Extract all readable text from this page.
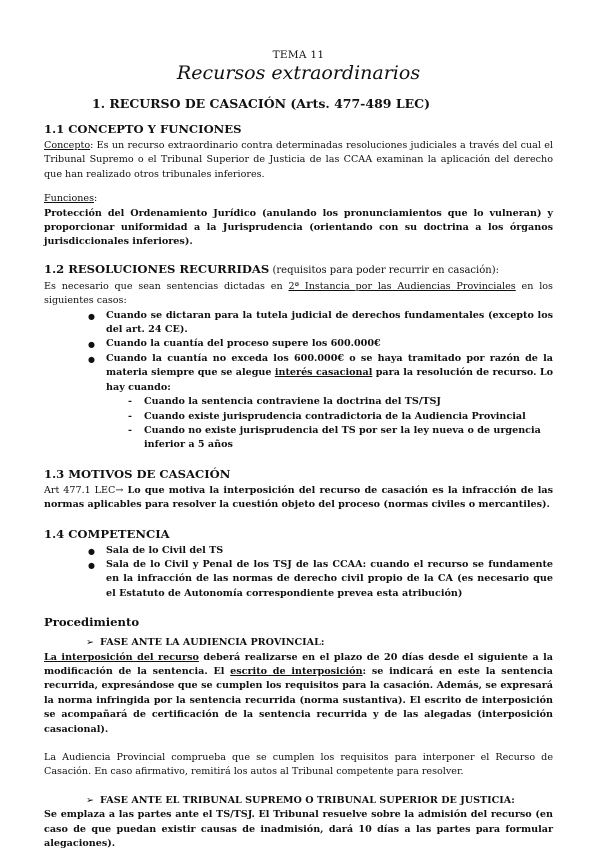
TEMA 11
Recursos extraordinarios
1. RECURSO DE CASACIÓN (Arts. 477-489 LEC)
1.1 CONCEPTO Y FUNCIONES

Concepto: Es un recurso extraordinario contra determinadas resoluciones judiciales a través del cual el Tribunal Supremo o el Tribunal Superior de Justicia de las CCAA examinan la aplicación del derecho que han realizado otros tribunales inferiores.

Funciones:

Protección del Ordenamiento Jurídico (anulando los pronunciamientos que lo vulneran) y proporcionar uniformidad a la Jurisprudencia (orientando con su doctrina a los órganos jurisdiccionales inferiores).

1.2 RESOLUCIONES RECURRIDAS (requisitos para poder recurrir en casación):

Es necesario que sean sentencias dictadas en 2ª Instancia por las Audiencias Provinciales en los siguientes casos:

● Cuando se dictaran para la tutela judicial de derechos fundamentales (excepto los del art. 24 CE).
● Cuando la cuantía del proceso supere los 600.000€
● Cuando la cuantía no exceda los 600.000€ o se haya tramitado por razón de la materia siempre que se alegue interés casacional para la resolución de recurso. Lo hay cuando:
- Cuando la sentencia contraviene la doctrina del TS/TSJ
- Cuando existe jurisprudencia contradictoria de la Audiencia Provincial
- Cuando no existe jurisprudencia del TS por ser la ley nueva o de urgencia inferior a 5 años
1.3 MOTIVOS DE CASACIÓN

Art 477.1 LEC→ Lo que motiva la interposición del recurso de casación es la infracción de las normas aplicables para resolver la cuestión objeto del proceso (normas civiles o mercantiles).

1.4 COMPETENCIA
● Sala de lo Civil del TS
● Sala de lo Civil y Penal de los TSJ de las CCAA: cuando el recurso se fundamente en la infracción de las normas de derecho civil propio de la CA (es necesario que el Estatuto de Autonomía correspondiente prevea esta atribución)
Procedimiento
➢ FASE ANTE LA AUDIENCIA PROVINCIAL:

La interposición del recurso deberá realizarse en el plazo de 20 días desde el siguiente a la modificación de la sentencia. El escrito de interposición: se indicará en este la sentencia recurrida, expresándose que se cumplen los requisitos para la casación. Además, se expresará la norma infringida por la sentencia recurrida (norma sustantiva). El escrito de interposición se acompañará de certificación de la sentencia recurrida y de las alegadas (interposición casacional).

La Audiencia Provincial comprueba que se cumplen los requisitos para interponer el Recurso de Casación. En caso afirmativo, remitirá los autos al Tribunal competente para resolver.

➢ FASE ANTE EL TRIBUNAL SUPREMO O TRIBUNAL SUPERIOR DE JUSTICIA:

Se emplaza a las partes ante el TS/TSJ. El Tribunal resuelve sobre la admisión del recurso (en caso de que puedan existir causas de inadmisión, dará 10 días a las partes para formular alegaciones).
